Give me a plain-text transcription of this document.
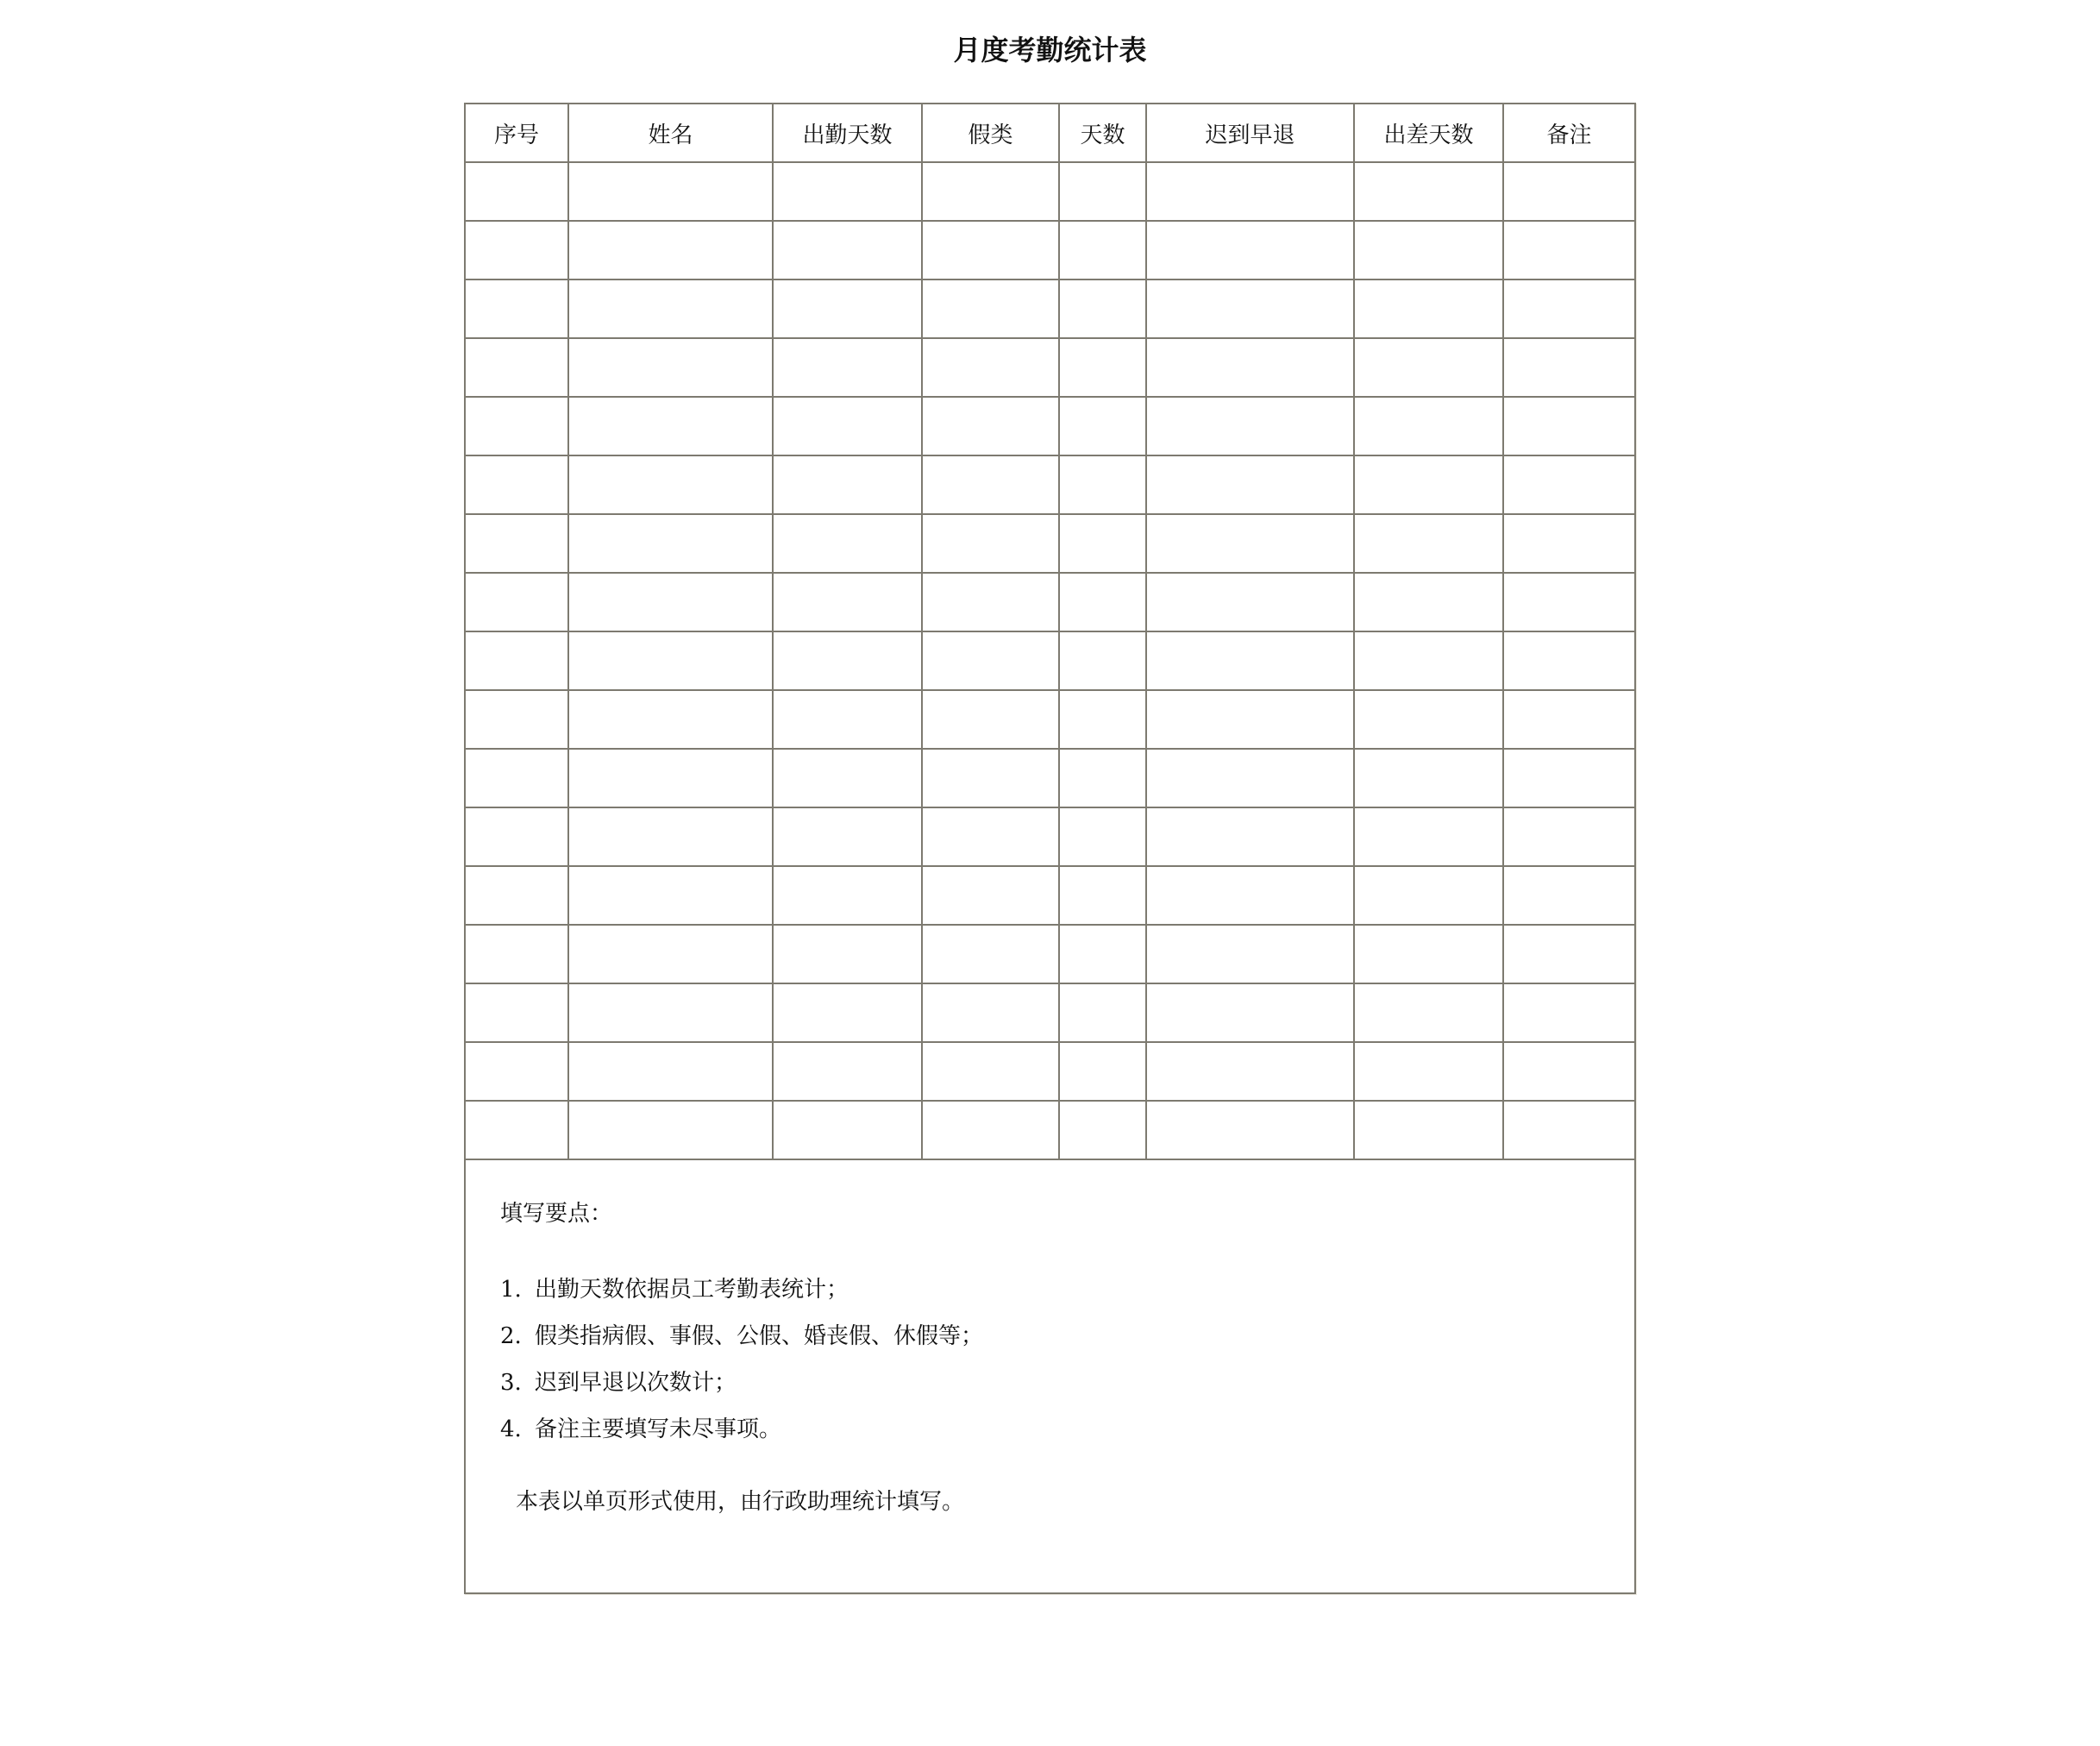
月度考勤统计表
序号	姓名	出勤天数	假类	天数	迟到早退	出差天数	备注

填写要点：
1. 出勤天数依据员工考勤表统计；
2. 假类指病假、事假、公假、婚丧假、休假等；
3. 迟到早退以次数计；
4. 备注主要填写未尽事项。
本表以单页形式使用，由行政助理统计填写。
